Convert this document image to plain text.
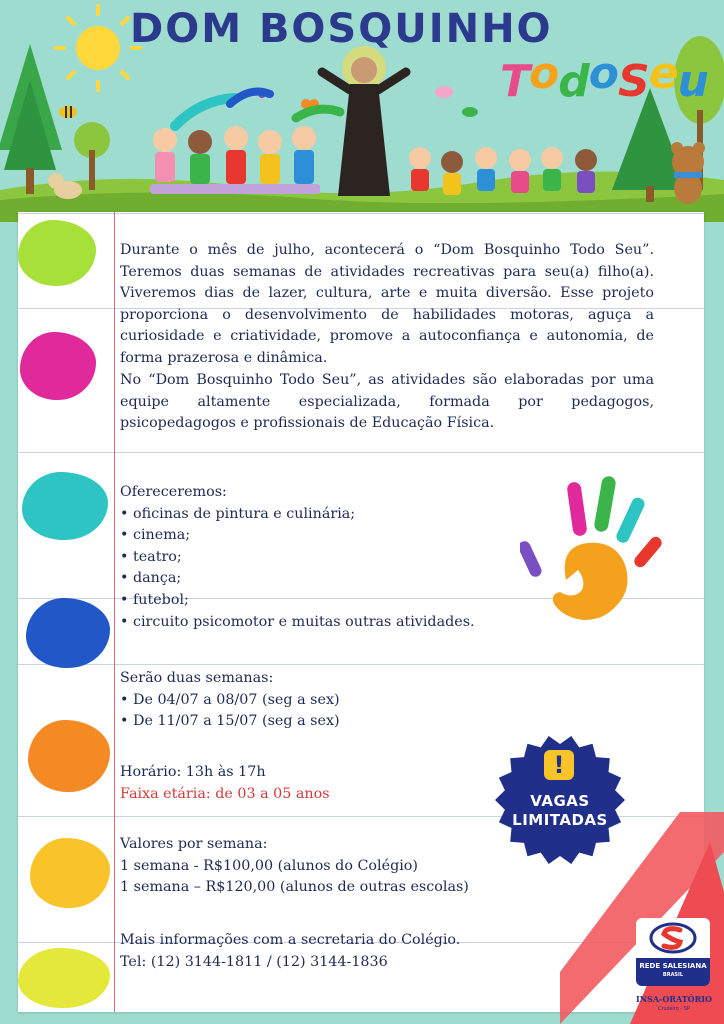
DOM BOSQUINHO
TodoSeu
Durante o mês de julho, acontecerá o “Dom Bosquinho Todo Seu”. Teremos duas semanas de atividades recreativas para seu(a) filho(a). Viveremos dias de lazer, cultura, arte e muita diversão. Esse projeto proporciona o desenvolvimento de habilidades motoras, aguça a curiosidade e criatividade, promove a autoconfiança e autonomia, de forma prazerosa e dinâmica.
No “Dom Bosquinho Todo Seu”, as atividades são elaboradas por uma equipe altamente especializada, formada por pedagogos, psicopedagogos e profissionais de Educação Física.
Ofereceremos:
• oficinas de pintura e culinária;
• cinema;
• teatro;
• dança;
• futebol;
• circuito psicomotor e muitas outras atividades.
Serão duas semanas:
• De 04/07 a 08/07 (seg a sex)
• De 11/07 a 15/07 (seg a sex)
Horário: 13h às 17h
Faixa etária: de 03 a 05 anos
Valores por semana:
1 semana - R$100,00 (alunos do Colégio)
1 semana – R$120,00 (alunos de outras escolas)
Mais informações com a secretaria do Colégio.
Tel: (12) 3144-1811 / (12) 3144-1836
!
VAGAS
LIMITADAS
REDE SALESIANA
BRASIL
INSA-ORATÓRIO
Cruzeiro - SP
